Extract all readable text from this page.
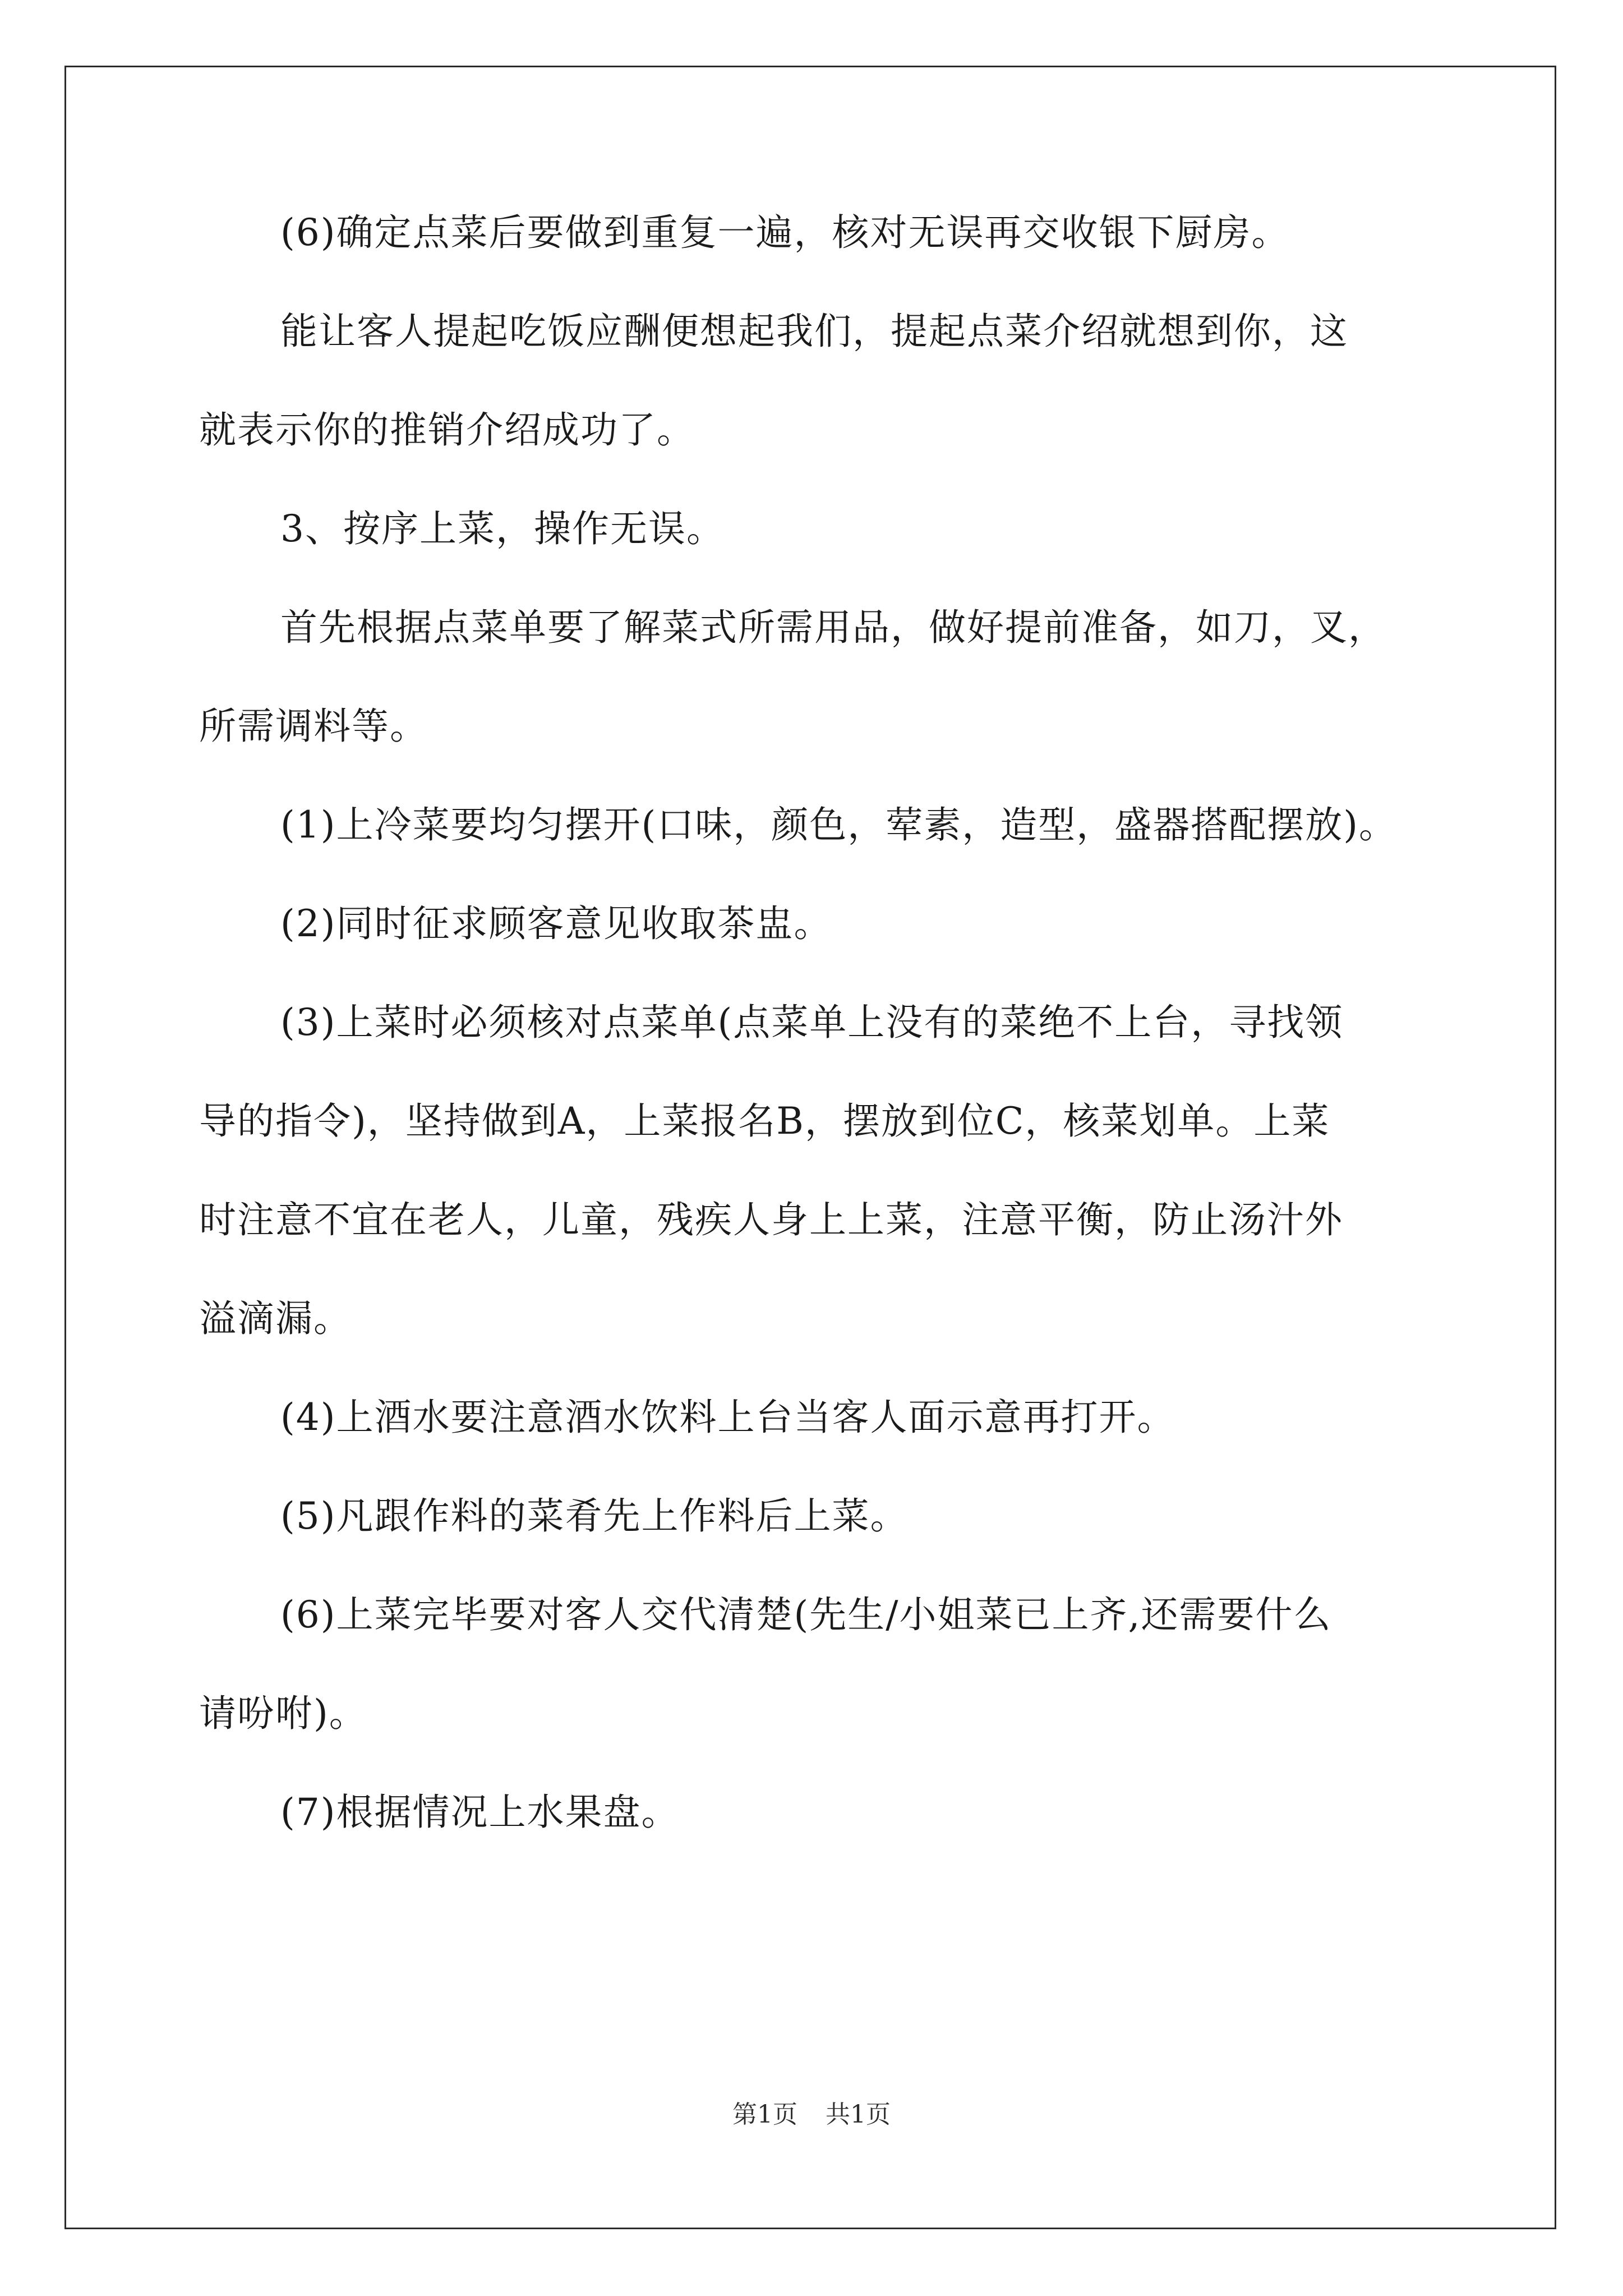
(6)确定点菜后要做到重复一遍，核对无误再交收银下厨房。
能让客人提起吃饭应酬便想起我们，提起点菜介绍就想到你，这
就表示你的推销介绍成功了。
3、按序上菜，操作无误。
首先根据点菜单要了解菜式所需用品，做好提前准备，如刀，叉，
所需调料等。
(1)上冷菜要均匀摆开(口味，颜色，荤素，造型，盛器搭配摆放)。
(2)同时征求顾客意见收取茶盅。
(3)上菜时必须核对点菜单(点菜单上没有的菜绝不上台，寻找领
导的指令)，坚持做到A，上菜报名B，摆放到位C，核菜划单。上菜
时注意不宜在老人，儿童，残疾人身上上菜，注意平衡，防止汤汁外
溢滴漏。
(4)上酒水要注意酒水饮料上台当客人面示意再打开。
(5)凡跟作料的菜肴先上作料后上菜。
(6)上菜完毕要对客人交代清楚(先生/小姐菜已上齐,还需要什么
请吩咐)。
(7)根据情况上水果盘。
第1页 共1页
